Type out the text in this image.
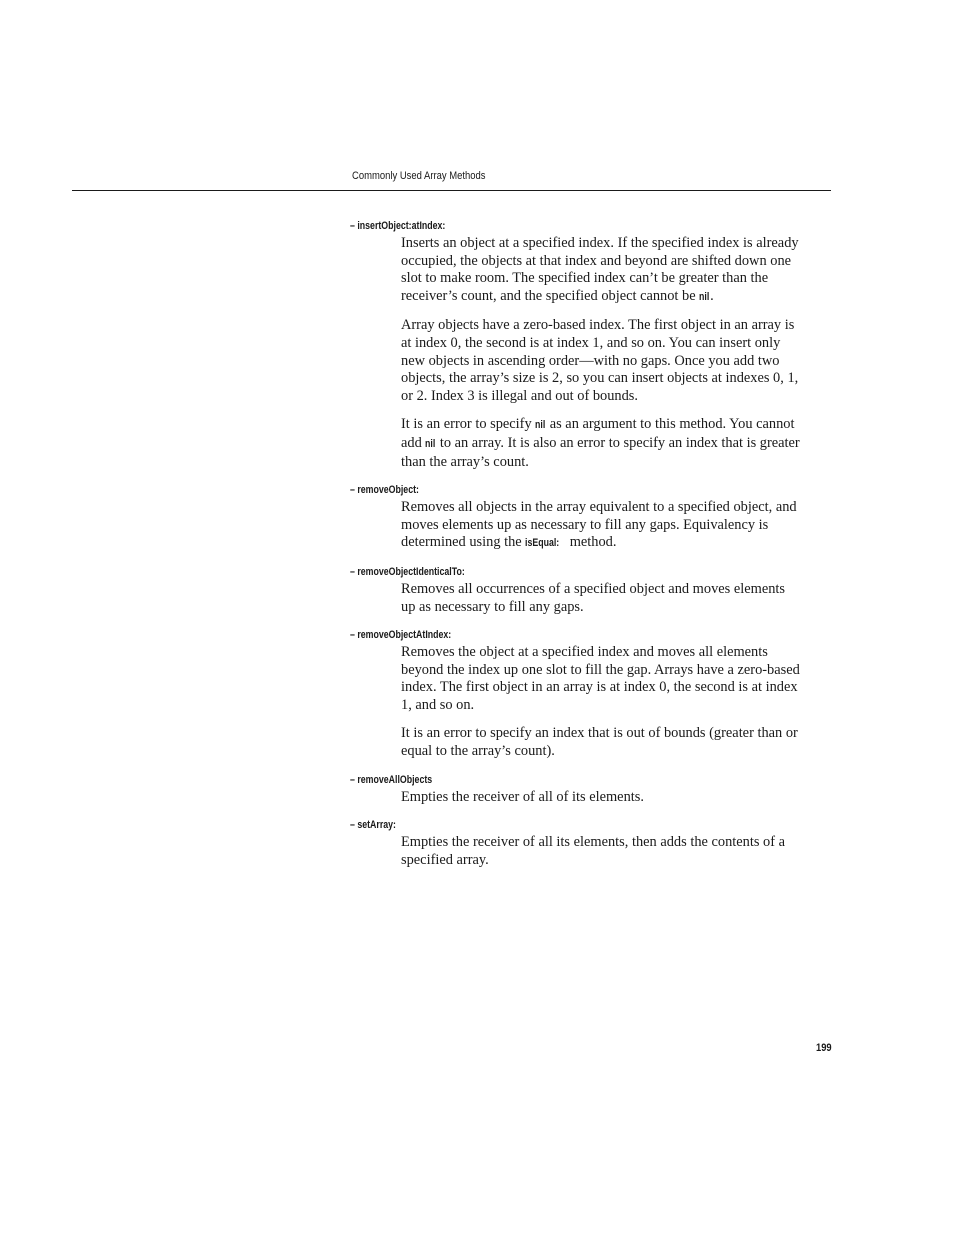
Commonly Used Array Methods
– insertObject:atIndex:

Inserts an object at a specified index. If the specified index is already occupied, the objects at that index and beyond are shifted down one slot to make room. The specified index can’t be greater than the receiver’s count, and the specified object cannot be nil.

Array objects have a zero-based index. The first object in an array is at index 0, the second is at index 1, and so on. You can insert only new objects in ascending order—with no gaps. Once you add two objects, the array’s size is 2, so you can insert objects at indexes 0, 1, or 2. Index 3 is illegal and out of bounds.

It is an error to specify nil as an argument to this method. You cannot add nil to an array. It is also an error to specify an index that is greater than the array’s count.

– removeObject:

Removes all objects in the array equivalent to a specified object, and moves elements up as necessary to fill any gaps. Equivalency is determined using the isEqual: method.

– removeObjectIdenticalTo:

Removes all occurrences of a specified object and moves elements up as necessary to fill any gaps.

– removeObjectAtIndex:

Removes the object at a specified index and moves all elements beyond the index up one slot to fill the gap. Arrays have a zero-based index. The first object in an array is at index 0, the second is at index 1, and so on.

It is an error to specify an index that is out of bounds (greater than or equal to the array’s count).

– removeAllObjects

Empties the receiver of all of its elements.

– setArray:

Empties the receiver of all its elements, then adds the contents of a specified array.

199
